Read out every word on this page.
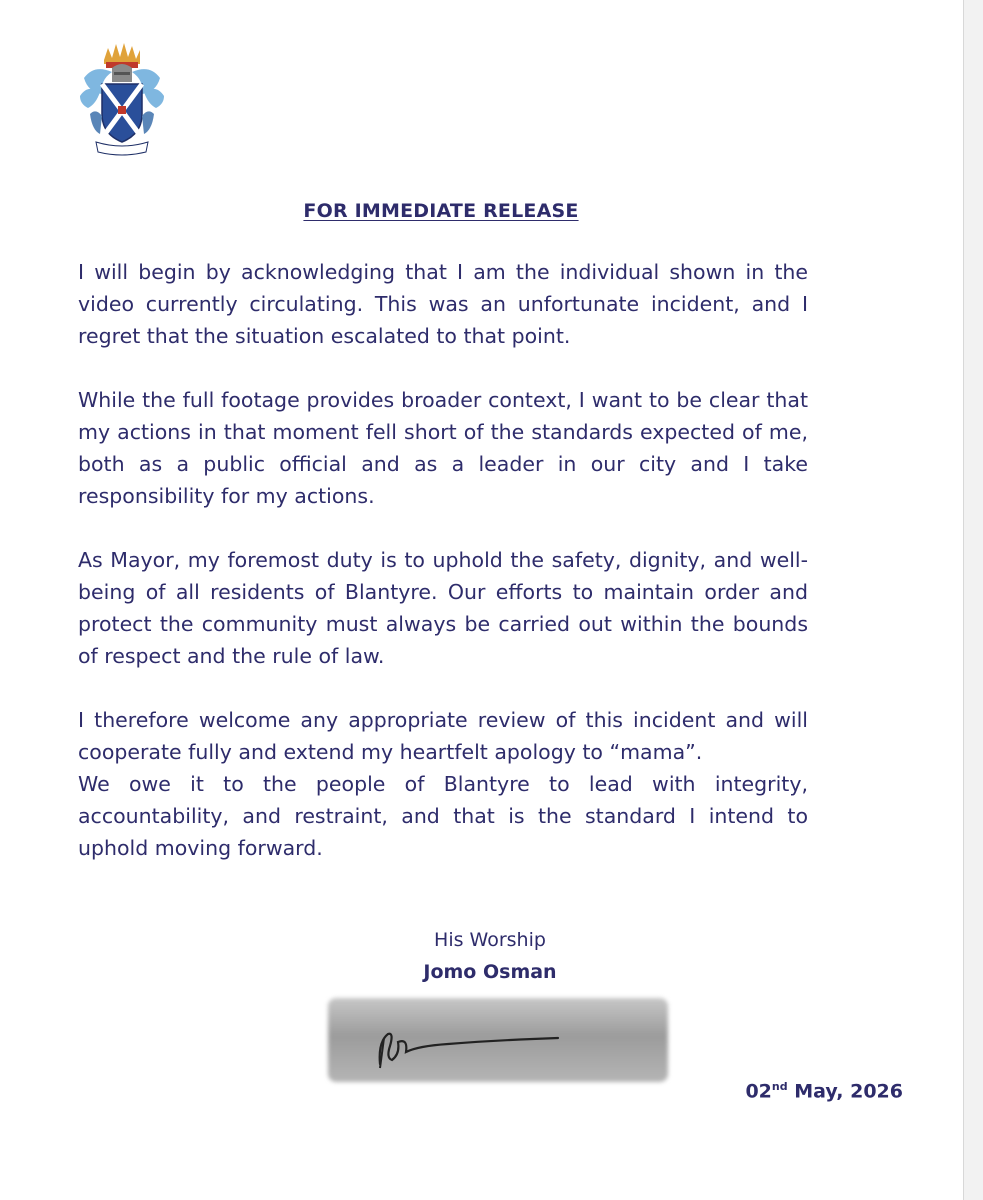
FOR IMMEDIATE RELEASE

I will begin by acknowledging that I am the individual shown in the video currently circulating. This was an unfortunate incident, and I regret that the situation escalated to that point.

While the full footage provides broader context, I want to be clear that my actions in that moment fell short of the standards expected of me, both as a public official and as a leader in our city and I take responsibility for my actions.

As Mayor, my foremost duty is to uphold the safety, dignity, and well-being of all residents of Blantyre. Our efforts to maintain order and protect the community must always be carried out within the bounds of respect and the rule of law.

I therefore welcome any appropriate review of this incident and will cooperate fully and extend my heartfelt apology to “mama”.

We owe it to the people of Blantyre to lead with integrity, accountability, and restraint, and that is the standard I intend to uphold moving forward.

His Worship
Jomo Osman
02nd May, 2026
